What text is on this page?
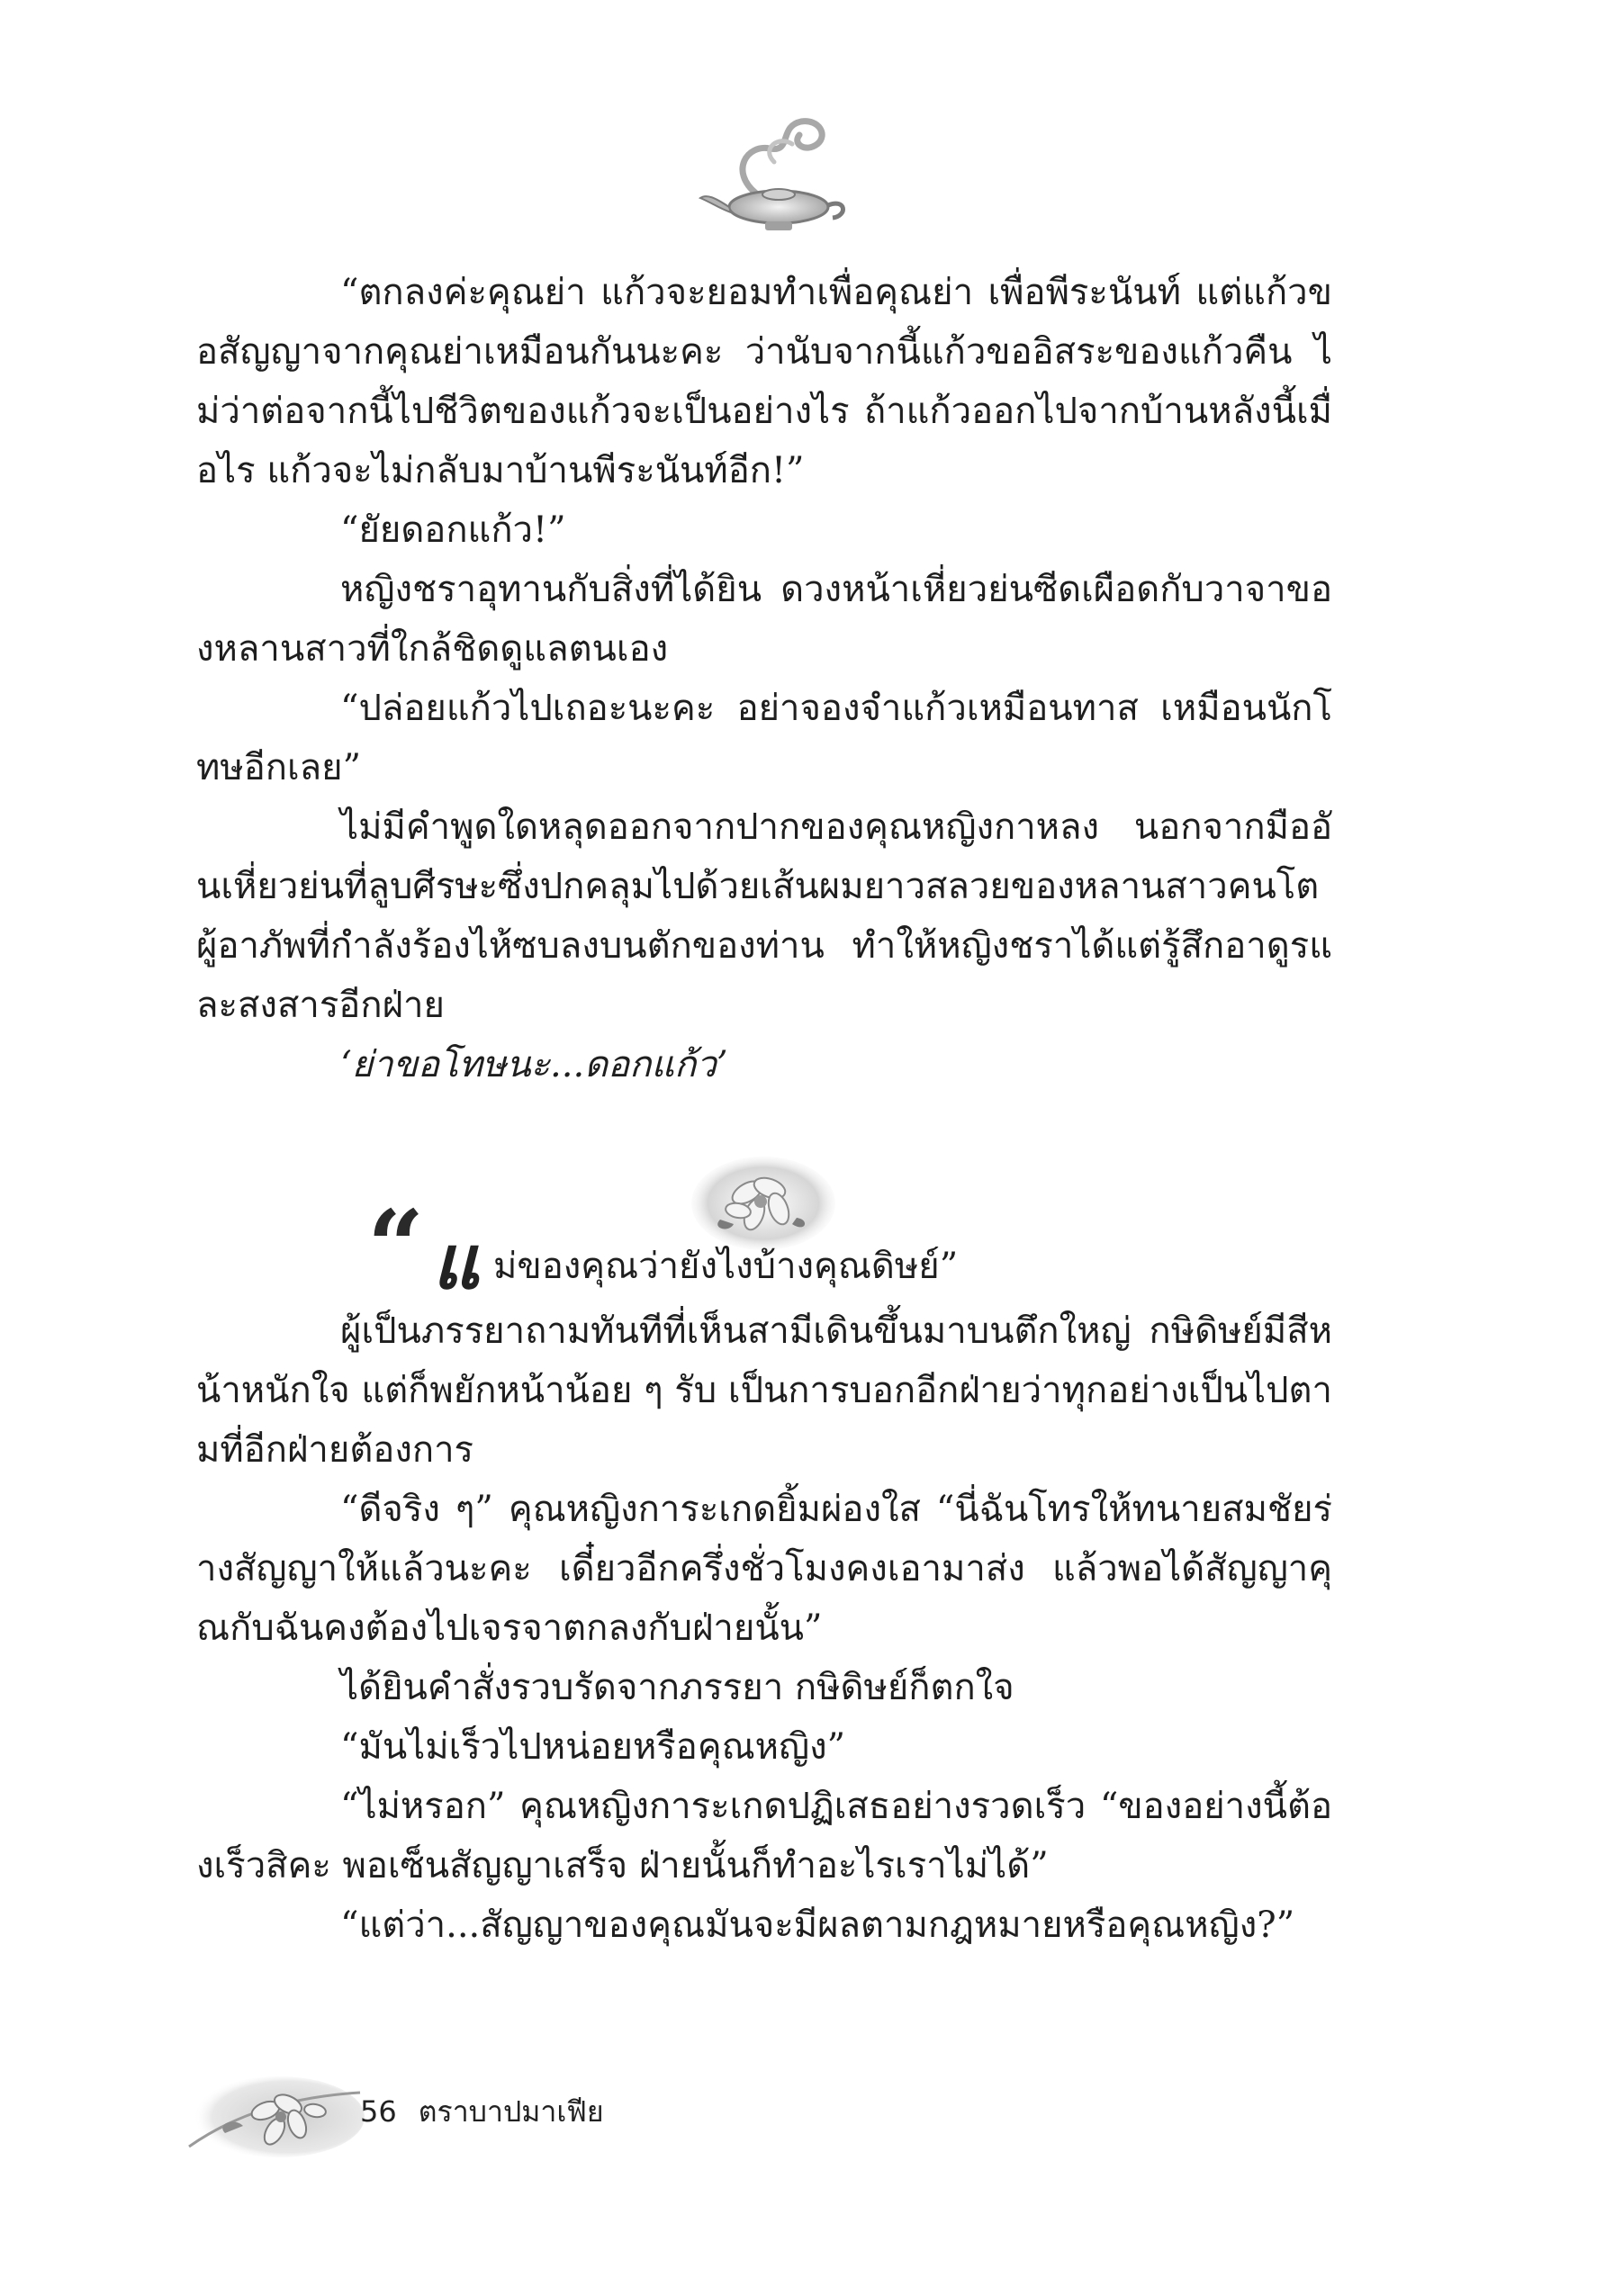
“ตกลงค่ะคุณย่า แก้วจะยอมทำเพื่อคุณย่า เพื่อพีระนันท์ แต่แก้วขอสัญญาจากคุณย่าเหมือนกันนะคะ ว่านับจากนี้แก้วขออิสระของแก้วคืน ไม่ว่าต่อจากนี้ไปชีวิตของแก้วจะเป็นอย่างไร ถ้าแก้วออกไปจากบ้านหลังนี้เมื่อไร แก้วจะไม่กลับมาบ้านพีระนันท์อีก!”

“ยัยดอกแก้ว!”

หญิงชราอุทานกับสิ่งที่ได้ยิน ดวงหน้าเหี่ยวย่นซีดเผือดกับวาจาของหลานสาวที่ใกล้ชิดดูแลตนเอง

“ปล่อยแก้วไปเถอะนะคะ อย่าจองจำแก้วเหมือนทาส เหมือนนักโทษอีกเลย”

ไม่มีคำพูดใดหลุดออกจากปากของคุณหญิงกาหลง นอกจากมืออันเหี่ยวย่นที่ลูบศีรษะซึ่งปกคลุมไปด้วยเส้นผมยาวสลวยของหลานสาวคนโตผู้อาภัพที่กำลังร้องไห้ซบลงบนตักของท่าน ทำให้หญิงชราได้แต่รู้สึกอาดูรและสงสารอีกฝ่าย

‘ย่าขอโทษนะ...ดอกแก้ว’

“ แ ม่ของคุณว่ายังไงบ้างคุณดิษย์”

ผู้เป็นภรรยาถามทันทีที่เห็นสามีเดินขึ้นมาบนตึกใหญ่ กษิดิษย์มีสีหน้าหนักใจ แต่ก็พยักหน้าน้อย ๆ รับ เป็นการบอกอีกฝ่ายว่าทุกอย่างเป็นไปตามที่อีกฝ่ายต้องการ

“ดีจริง ๆ” คุณหญิงการะเกดยิ้มผ่องใส “นี่ฉันโทรให้ทนายสมชัยร่างสัญญาให้แล้วนะคะ เดี๋ยวอีกครึ่งชั่วโมงคงเอามาส่ง แล้วพอได้สัญญาคุณกับฉันคงต้องไปเจรจาตกลงกับฝ่ายนั้น”

ได้ยินคำสั่งรวบรัดจากภรรยา กษิดิษย์ก็ตกใจ

“มันไม่เร็วไปหน่อยหรือคุณหญิง”

“ไม่หรอก” คุณหญิงการะเกดปฏิเสธอย่างรวดเร็ว “ของอย่างนี้ต้องเร็วสิคะ พอเซ็นสัญญาเสร็จ ฝ่ายนั้นก็ทำอะไรเราไม่ได้”

“แต่ว่า...สัญญาของคุณมันจะมีผลตามกฎหมายหรือคุณหญิง?”

56 ตราบาปมาเฟีย
